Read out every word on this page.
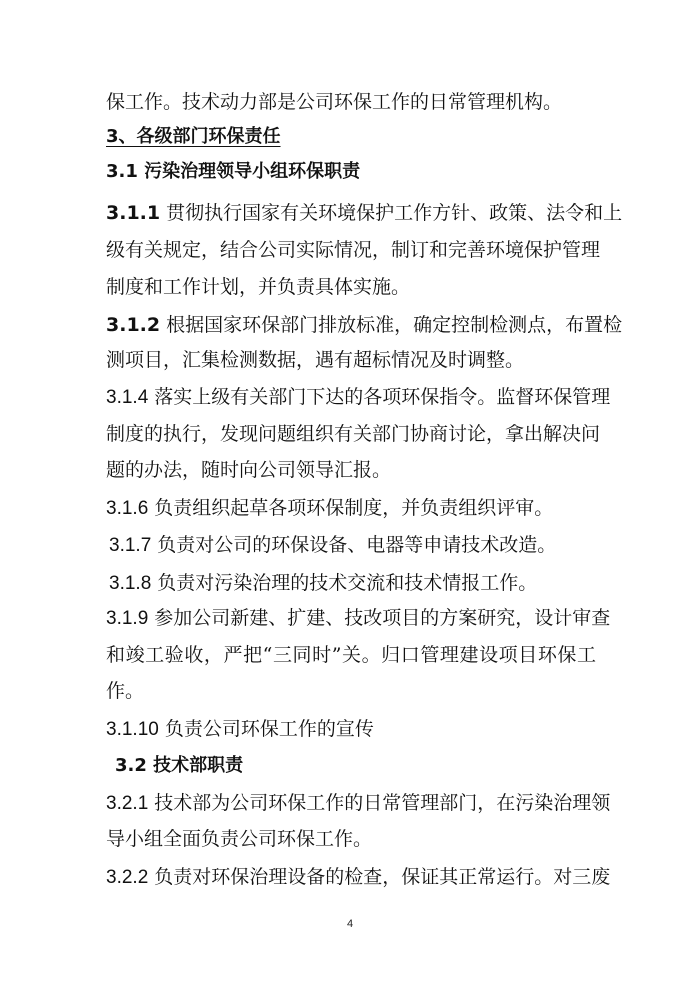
保工作。技术动力部是公司环保工作的日常管理机构。
3、各级部门环保责任
3.1 污染治理领导小组环保职责
3.1.1 贯彻执行国家有关环境保护工作方针、政策、法令和上
级有关规定，结合公司实际情况，制订和完善环境保护管理
制度和工作计划，并负责具体实施。
3.1.2 根据国家环保部门排放标准，确定控制检测点，布置检
测项目，汇集检测数据，遇有超标情况及时调整。
3.1.4 落实上级有关部门下达的各项环保指令。监督环保管理
制度的执行，发现问题组织有关部门协商讨论，拿出解决问
题的办法，随时向公司领导汇报。
3.1.6 负责组织起草各项环保制度，并负责组织评审。
3.1.7 负责对公司的环保设备、电器等申请技术改造。
3.1.8 负责对污染治理的技术交流和技术情报工作。
3.1.9 参加公司新建、扩建、技改项目的方案研究，设计审查
和竣工验收，严把“三同时”关。归口管理建设项目环保工
作。
3.1.10 负责公司环保工作的宣传
3.2 技术部职责
3.2.1 技术部为公司环保工作的日常管理部门，在污染治理领
导小组全面负责公司环保工作。
3.2.2 负责对环保治理设备的检查，保证其正常运行。对三废
4
